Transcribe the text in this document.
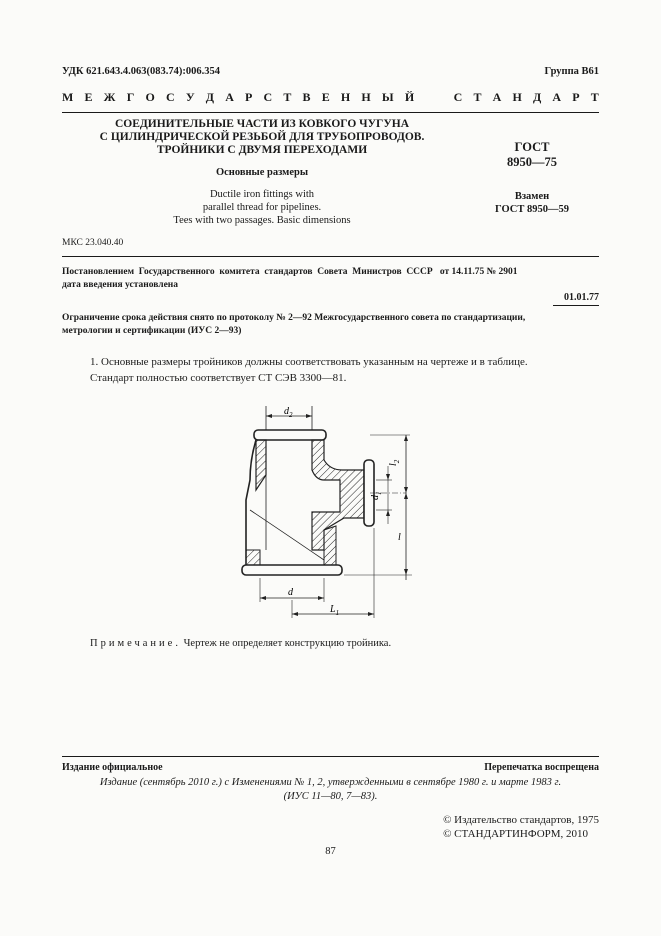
УДК 621.643.4.063(083.74):006.354	Группа В61
М Е Ж Г О С У Д А Р С Т В Е Н Н Ы Й

	С Т А Н Д А Р Т
СОЕДИНИТЕЛЬНЫЕ ЧАСТИ ИЗ КОВКОГО ЧУГУНА
С ЦИЛИНДРИЧЕСКОЙ РЕЗЬБОЙ ДЛЯ ТРУБОПРОВОДОВ.
ТРОЙНИКИ С ДВУМЯ ПЕРЕХОДАМИ
Основные размеры
Ductile iron fittings with
parallel thread for pipelines.
Tees with two passages. Basic dimensions
ГОСТ
8950—75
Взамен
ГОСТ 8950—59
МКС 23.040.40
Постановлением  Государственного  комитета  стандартов  Совета  Министров  СССР   от 14.11.75 № 2901
дата введения установлена
01.01.77
Ограничение срока действия снято по протоколу № 2—92 Межгосударственного совета по стандартизации,
метрологии и сертификации (ИУС 2—93)
1. Основные размеры тройников должны соответствовать указанным на чертеже и в таблице.
Стандарт полностью соответствует СТ СЭВ 3300—81.
$d_2$
$l_2$
l
$d_1$
d
$L_1$
Примечание. Чертеж не определяет конструкцию тройника.
Издание официальное	Перепечатка воспрещена
Издание (сентябрь 2010 г.) с Изменениями № 1, 2, утвержденными в сентябре 1980 г. и марте 1983 г.
(ИУС 11—80, 7—83).
© Издательство стандартов, 1975
© СТАНДАРТИНФОРМ, 2010
87
